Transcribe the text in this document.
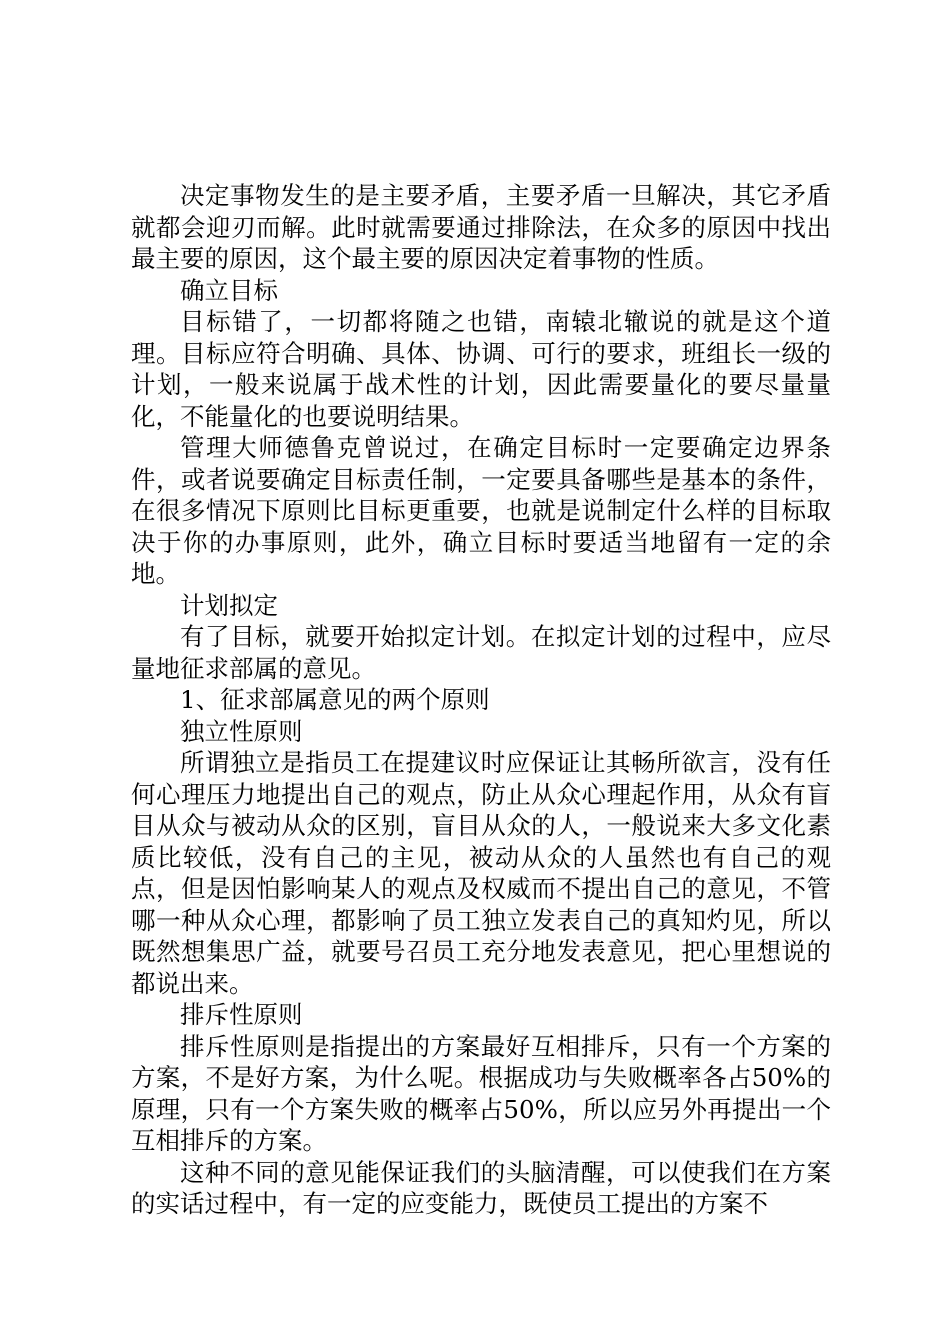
决定事物发生的是主要矛盾，主要矛盾一旦解决，其它矛盾就都会迎刃而解。此时就需要通过排除法，在众多的原因中找出最主要的原因，这个最主要的原因决定着事物的性质。

确立目标

目标错了，一切都将随之也错，南辕北辙说的就是这个道理。目标应符合明确、具体、协调、可行的要求，班组长一级的计划，一般来说属于战术性的计划，因此需要量化的要尽量量化，不能量化的也要说明结果。

管理大师德鲁克曾说过，在确定目标时一定要确定边界条件，或者说要确定目标责任制，一定要具备哪些是基本的条件，在很多情况下原则比目标更重要，也就是说制定什么样的目标取决于你的办事原则，此外，确立目标时要适当地留有一定的余地。

计划拟定

有了目标，就要开始拟定计划。在拟定计划的过程中，应尽量地征求部属的意见。

1、征求部属意见的两个原则

独立性原则

所谓独立是指员工在提建议时应保证让其畅所欲言，没有任何心理压力地提出自己的观点，防止从众心理起作用，从众有盲目从众与被动从众的区别，盲目从众的人，一般说来大多文化素质比较低，没有自己的主见，被动从众的人虽然也有自己的观点，但是因怕影响某人的观点及权威而不提出自己的意见，不管哪一种从众心理，都影响了员工独立发表自己的真知灼见，所以既然想集思广益，就要号召员工充分地发表意见，把心里想说的都说出来。

排斥性原则

排斥性原则是指提出的方案最好互相排斥，只有一个方案的方案，不是好方案，为什么呢。根据成功与失败概率各占50%的原理，只有一个方案失败的概率占50%，所以应另外再提出一个互相排斥的方案。

这种不同的意见能保证我们的头脑清醒，可以使我们在方案的实话过程中，有一定的应变能力，既使员工提出的方案不
